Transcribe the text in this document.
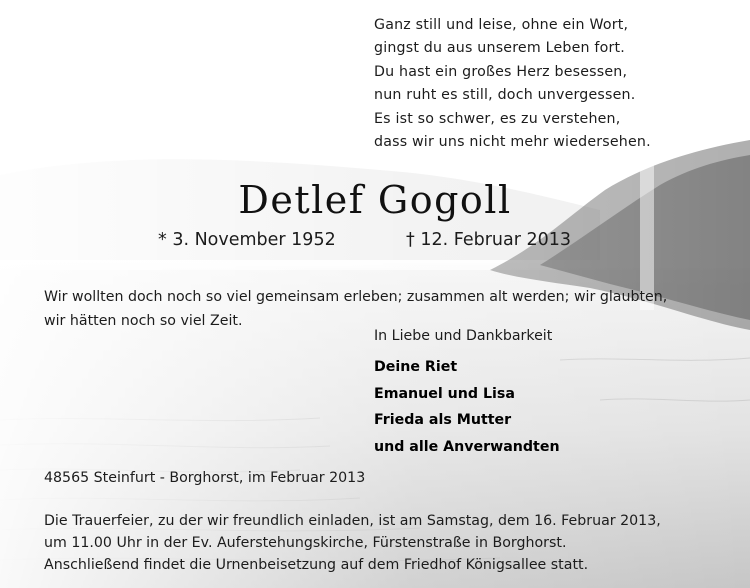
Ganz still und leise, ohne ein Wort,
gingst du aus unserem Leben fort.
Du hast ein großes Herz besessen,
nun ruht es still, doch unvergessen.
Es ist so schwer, es zu verstehen,
dass wir uns nicht mehr wiedersehen.
Detlef Gogoll
* 3. November 1952	† 12. Februar 2013
Wir wollten doch noch so viel gemeinsam erleben; zusammen alt werden; wir glaubten,
wir hätten noch so viel Zeit.
In Liebe und Dankbarkeit
Deine Riet
Emanuel und Lisa
Frieda als Mutter
und alle Anverwandten
48565 Steinfurt - Borghorst, im Februar 2013
Die Trauerfeier, zu der wir freundlich einladen, ist am Samstag, dem 16. Februar 2013,
um 11.00 Uhr in der Ev. Auferstehungskirche, Fürstenstraße in Borghorst.
Anschließend findet die Urnenbeisetzung auf dem Friedhof Königsallee statt.
